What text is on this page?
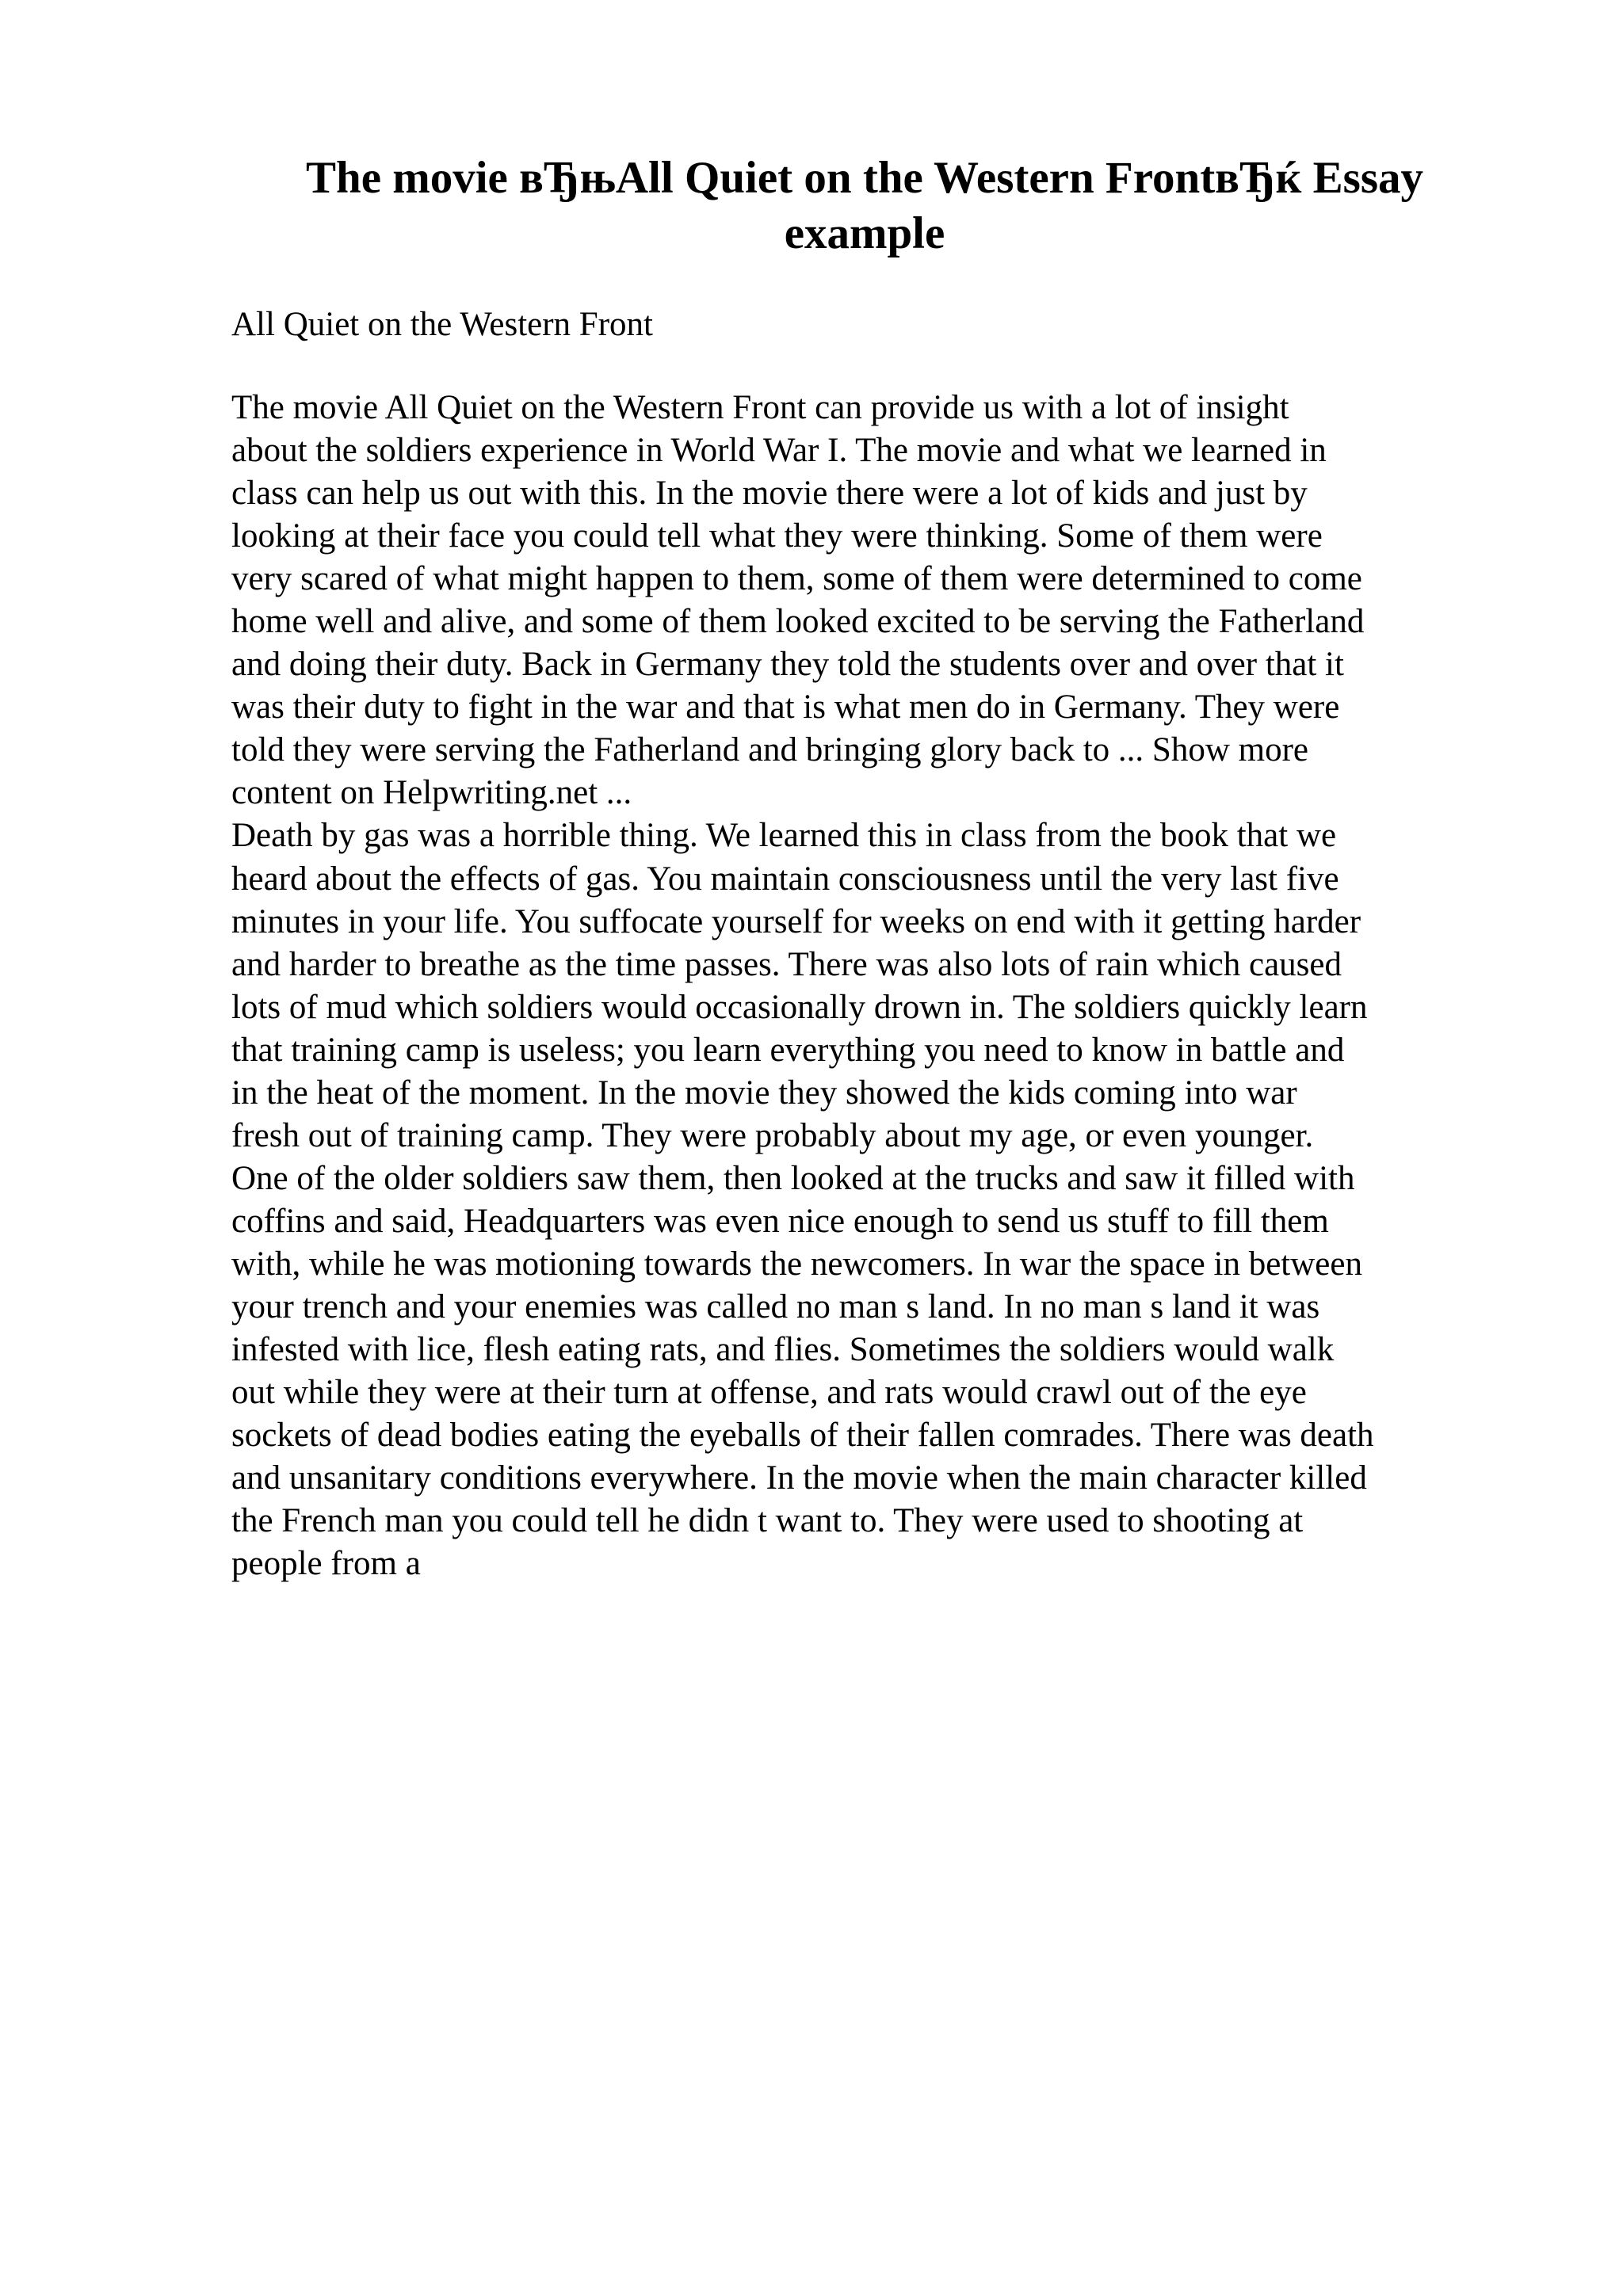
The movie вЂњAll Quiet on the Western FrontвЂќ Essay example

All Quiet on the Western Front

The movie All Quiet on the Western Front can provide us with a lot of insight
about the soldiers experience in World War I. The movie and what we learned in
class can help us out with this. In the movie there were a lot of kids and just by
looking at their face you could tell what they were thinking. Some of them were
very scared of what might happen to them, some of them were determined to come
home well and alive, and some of them looked excited to be serving the Fatherland
and doing their duty. Back in Germany they told the students over and over that it
was their duty to fight in the war and that is what men do in Germany. They were
told they were serving the Fatherland and bringing glory back to ... Show more
content on Helpwriting.net ...
Death by gas was a horrible thing. We learned this in class from the book that we
heard about the effects of gas. You maintain consciousness until the very last five
minutes in your life. You suffocate yourself for weeks on end with it getting harder
and harder to breathe as the time passes. There was also lots of rain which caused
lots of mud which soldiers would occasionally drown in. The soldiers quickly learn
that training camp is useless; you learn everything you need to know in battle and
in the heat of the moment. In the movie they showed the kids coming into war
fresh out of training camp. They were probably about my age, or even younger.
One of the older soldiers saw them, then looked at the trucks and saw it filled with
coffins and said, Headquarters was even nice enough to send us stuff to fill them
with, while he was motioning towards the newcomers. In war the space in between
your trench and your enemies was called no man s land. In no man s land it was
infested with lice, flesh eating rats, and flies. Sometimes the soldiers would walk
out while they were at their turn at offense, and rats would crawl out of the eye
sockets of dead bodies eating the eyeballs of their fallen comrades. There was death
and unsanitary conditions everywhere. In the movie when the main character killed
the French man you could tell he didn t want to. They were used to shooting at
people from a
